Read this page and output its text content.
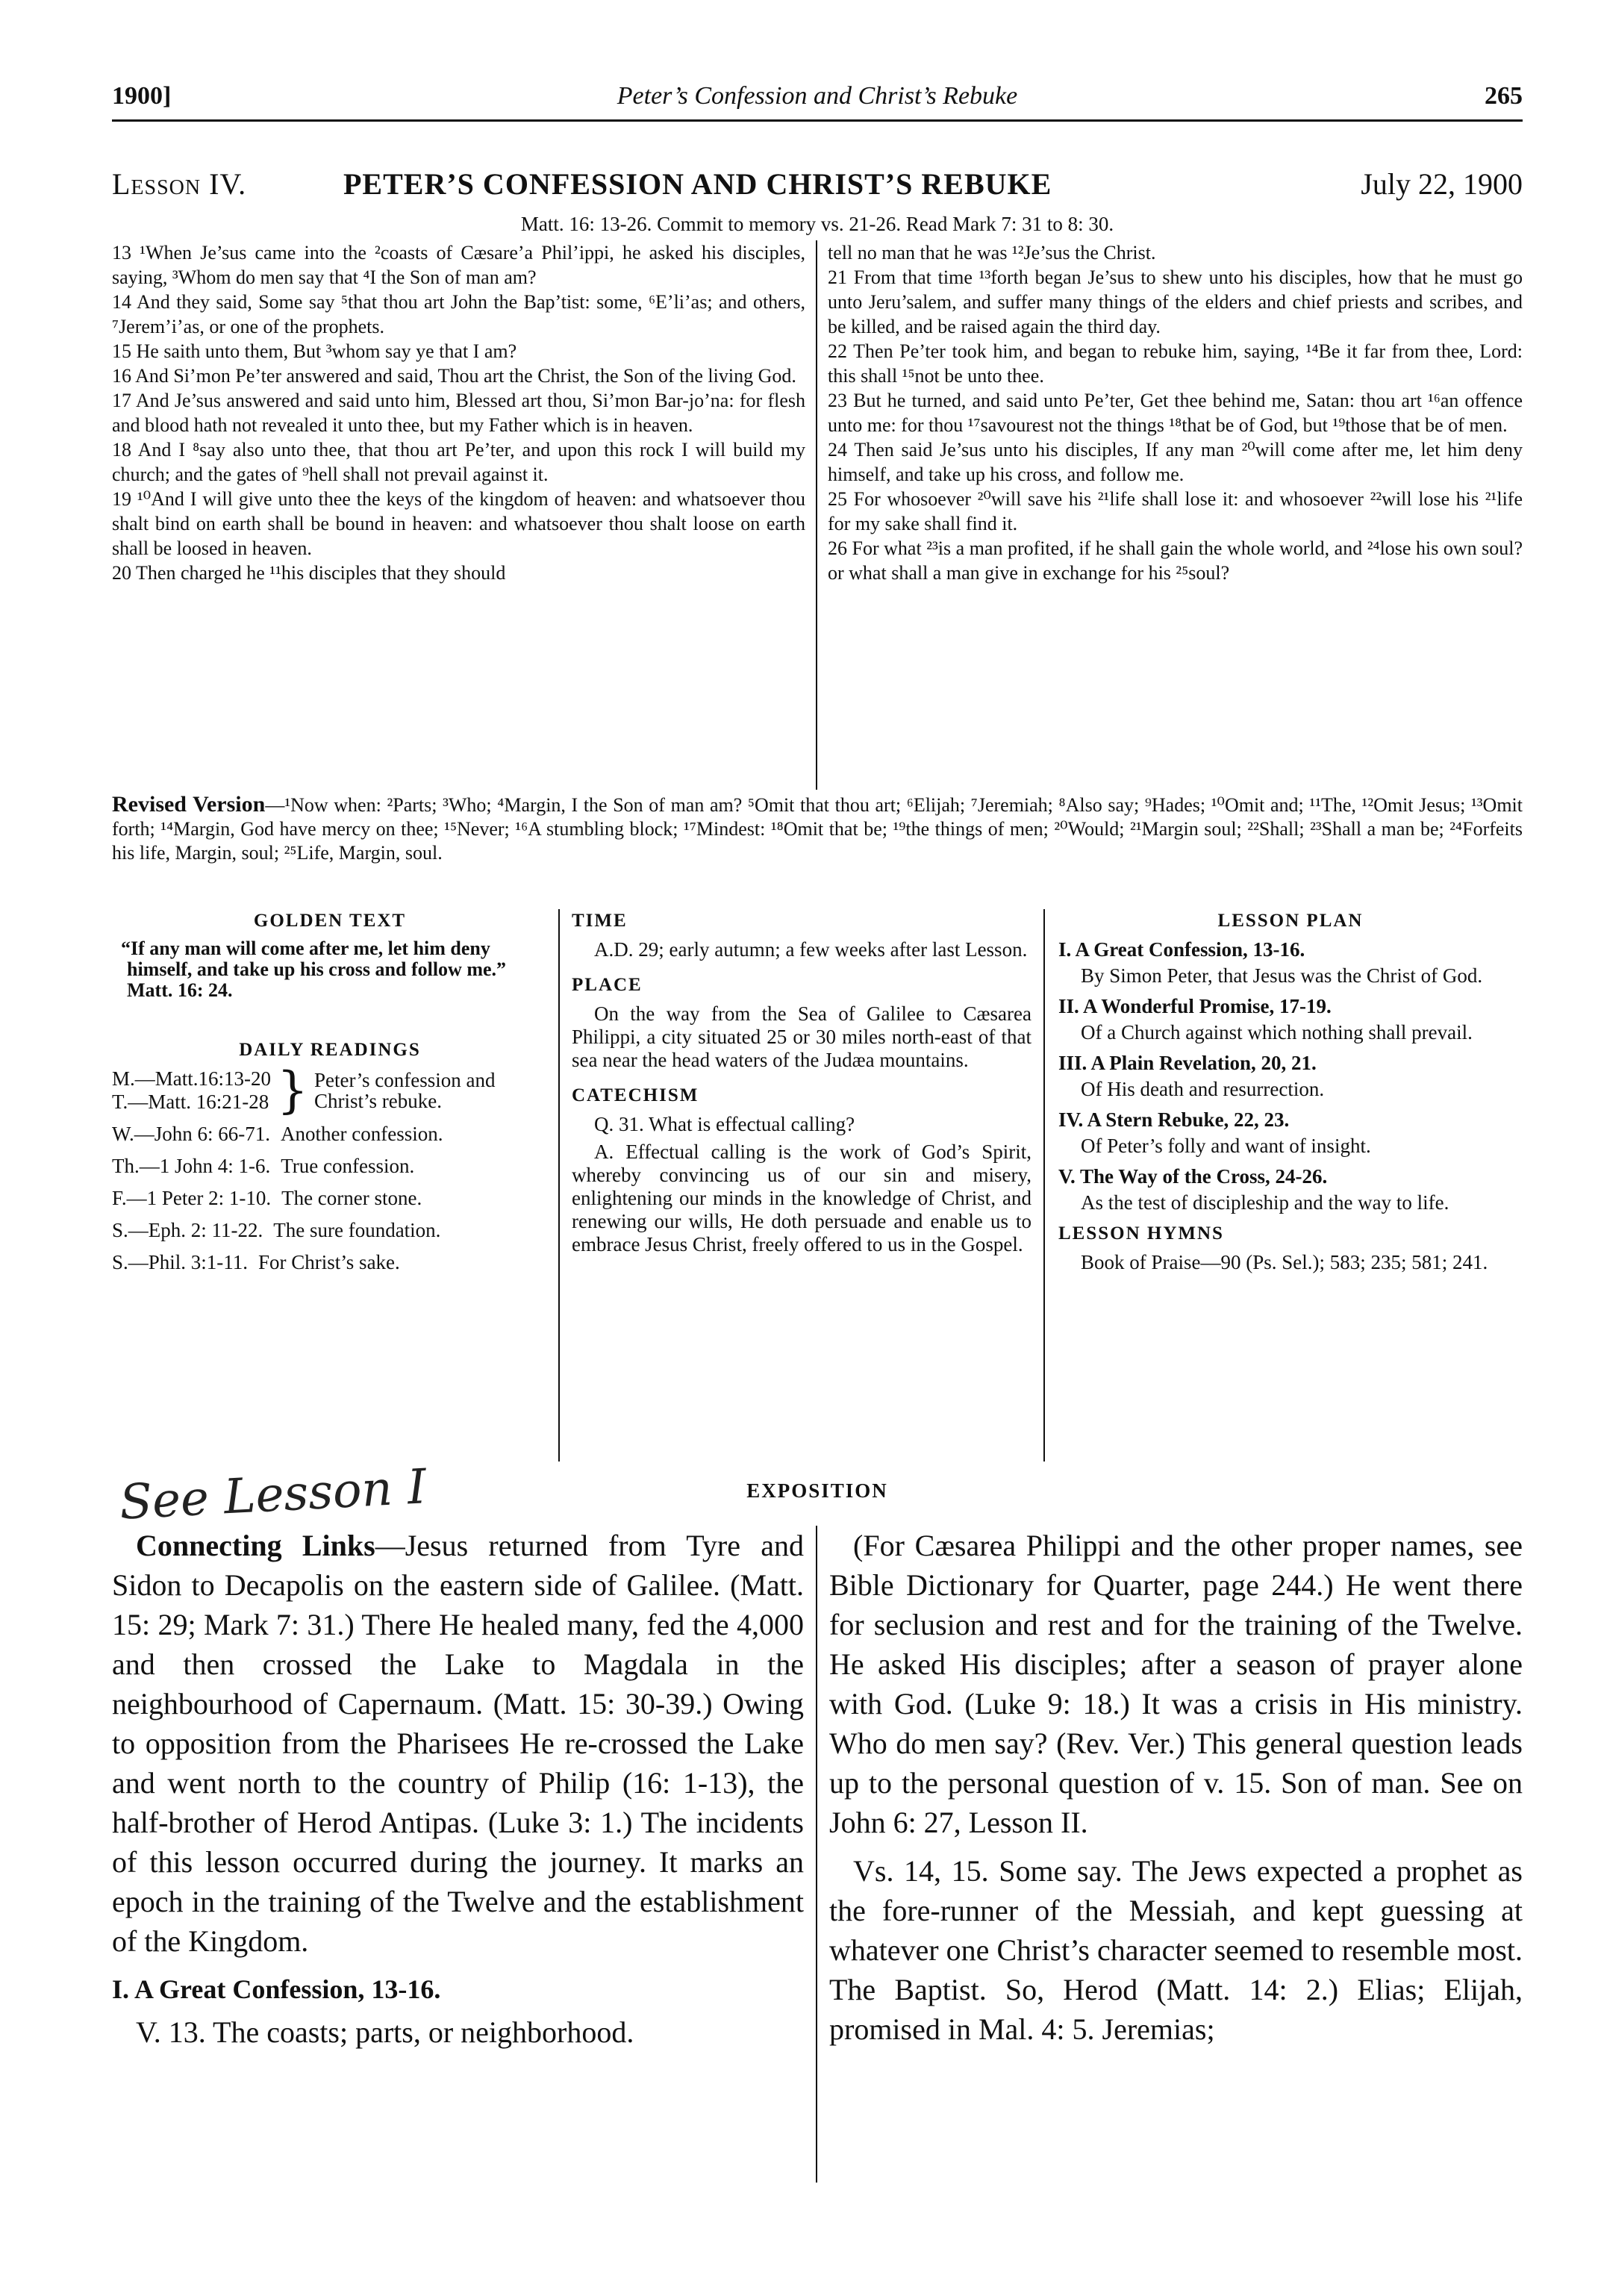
1900]	Peter’s Confession and Christ’s Rebuke	265
Lesson IV.	PETER’S CONFESSION AND CHRIST’S REBUKE	July 22, 1900
Matt. 16: 13-26. Commit to memory vs. 21-26. Read Mark 7: 31 to 8: 30.

13 ¹When Je’sus came into the ²coasts of Cæsare’a Phil’ippi, he asked his disciples, saying, ³Whom do men say that ⁴I the Son of man am?

14 And they said, Some say ⁵that thou art John the Bap’tist: some, ⁶E’li’as; and others, ⁷Jerem’i’as, or one of the prophets.

15 He saith unto them, But ³whom say ye that I am?

16 And Si’mon Pe’ter answered and said, Thou art the Christ, the Son of the living God.

17 And Je’sus answered and said unto him, Blessed art thou, Si’mon Bar-jo’na: for flesh and blood hath not revealed it unto thee, but my Father which is in heaven.

18 And I ⁸say also unto thee, that thou art Pe’ter, and upon this rock I will build my church; and the gates of ⁹hell shall not prevail against it.

19 ¹⁰And I will give unto thee the keys of the kingdom of heaven: and whatsoever thou shalt bind on earth shall be bound in heaven: and whatsoever thou shalt loose on earth shall be loosed in heaven.

20 Then charged he ¹¹his disciples that they should

tell no man that he was ¹²Je’sus the Christ.

21 From that time ¹³forth began Je’sus to shew unto his disciples, how that he must go unto Jeru’salem, and suffer many things of the elders and chief priests and scribes, and be killed, and be raised again the third day.

22 Then Pe’ter took him, and began to rebuke him, saying, ¹⁴Be it far from thee, Lord: this shall ¹⁵not be unto thee.

23 But he turned, and said unto Pe’ter, Get thee behind me, Satan: thou art ¹⁶an offence unto me: for thou ¹⁷savourest not the things ¹⁸that be of God, but ¹⁹those that be of men.

24 Then said Je’sus unto his disciples, If any man ²⁰will come after me, let him deny himself, and take up his cross, and follow me.

25 For whosoever ²⁰will save his ²¹life shall lose it: and whosoever ²²will lose his ²¹life for my sake shall find it.

26 For what ²³is a man profited, if he shall gain the whole world, and ²⁴lose his own soul? or what shall a man give in exchange for his ²⁵soul?

Revised Version—¹Now when: ²Parts; ³Who; ⁴Margin, I the Son of man am? ⁵Omit that thou art; ⁶Elijah; ⁷Jeremiah; ⁸Also say; ⁹Hades; ¹⁰Omit and; ¹¹The, ¹²Omit Jesus; ¹³Omit forth; ¹⁴Margin, God have mercy on thee; ¹⁵Never; ¹⁶A stumbling block; ¹⁷Mindest: ¹⁸Omit that be; ¹⁹the things of men; ²⁰Would; ²¹Margin soul; ²²Shall; ²³Shall a man be; ²⁴Forfeits his life, Margin, soul; ²⁵Life, Margin, soul.
GOLDEN TEXT
“If any man will come after me, let him deny himself, and take up his cross and follow me.” Matt. 16: 24.
DAILY READINGS
M.—Matt.16:13-20
T.—Matt. 16:21-28 } Peter’s confession and Christ’s rebuke.
W.—John 6: 66-71. Another confession.
Th.—1 John 4: 1-6. True confession.
F.—1 Peter 2: 1-10. The corner stone.
S.—Eph. 2: 11-22. The sure foundation.
S.—Phil. 3:1-11. For Christ’s sake.
TIME

A.D. 29; early autumn; a few weeks after last Lesson.

PLACE

On the way from the Sea of Galilee to Cæsarea Philippi, a city situated 25 or 30 miles north-east of that sea near the head waters of the Judæa mountains.

CATECHISM

Q. 31. What is effectual calling?

A. Effectual calling is the work of God’s Spirit, whereby convincing us of our sin and misery, enlightening our minds in the knowledge of Christ, and renewing our wills, He doth persuade and enable us to embrace Jesus Christ, freely offered to us in the Gospel.

LESSON PLAN
I. A Great Confession, 13-16.

By Simon Peter, that Jesus was the Christ of God.

II. A Wonderful Promise, 17-19.

Of a Church against which nothing shall prevail.

III. A Plain Revelation, 20, 21.

Of His death and resurrection.

IV. A Stern Rebuke, 22, 23.

Of Peter’s folly and want of insight.

V. The Way of the Cross, 24-26.

As the test of discipleship and the way to life.

LESSON HYMNS

Book of Praise—90 (Ps. Sel.); 583; 235; 581; 241.

See Lesson I	EXPOSITION

Connecting Links—Jesus returned from Tyre and Sidon to Decapolis on the eastern side of Galilee. (Matt. 15: 29; Mark 7: 31.) There He healed many, fed the 4,000 and then crossed the Lake to Magdala in the neighbourhood of Capernaum. (Matt. 15: 30-39.) Owing to opposition from the Pharisees He re-crossed the Lake and went north to the country of Philip (16: 1-13), the half-brother of Herod Antipas. (Luke 3: 1.) The incidents of this lesson occurred during the journey. It marks an epoch in the training of the Twelve and the establishment of the Kingdom.

I. A Great Confession, 13-16.

V. 13. The coasts; parts, or neighborhood.

(For Cæsarea Philippi and the other proper names, see Bible Dictionary for Quarter, page 244.) He went there for seclusion and rest and for the training of the Twelve. He asked His disciples; after a season of prayer alone with God. (Luke 9: 18.) It was a crisis in His ministry. Who do men say? (Rev. Ver.) This general question leads up to the personal question of v. 15. Son of man. See on John 6: 27, Lesson II.

Vs. 14, 15. Some say. The Jews expected a prophet as the fore-runner of the Messiah, and kept guessing at whatever one Christ’s character seemed to resemble most. The Baptist. So, Herod (Matt. 14: 2.) Elias; Elijah, promised in Mal. 4: 5. Jeremias;
